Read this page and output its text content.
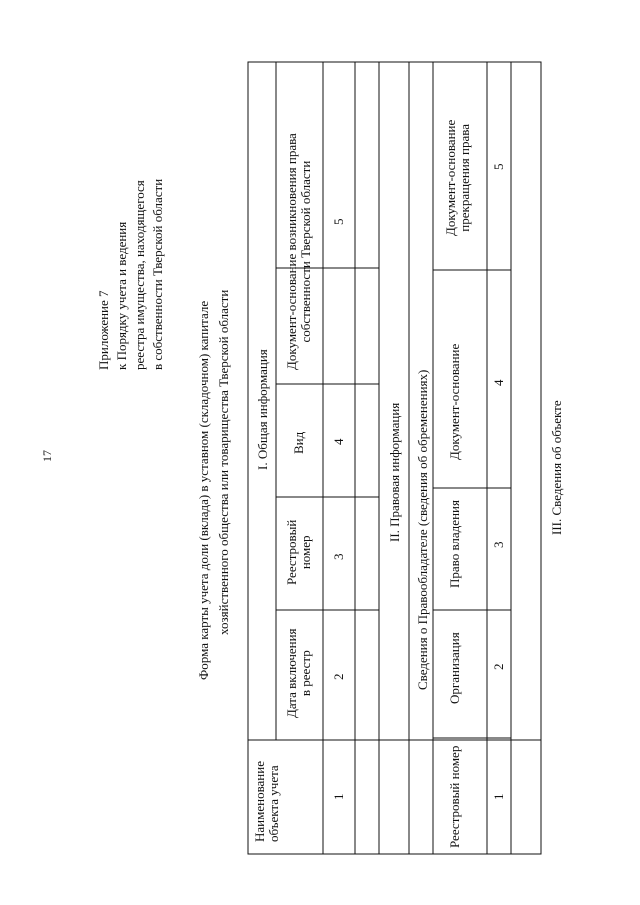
17
Приложение 7 к Порядку учета и ведения реестра имущества, находящегося в собственности Тверской области
Форма карты учета доли (вклада) в уставном (складочном) капитале хозяйственного общества или товарищества Тверской области I. Общая информация
Наименование
объекта учета
Дата включения
в реестр
Реестровый
номер
Вид
Документ-основание возникновения права
собственности Тверской области
1
2
3
4
5
II. Правовая информация Сведения о Правообладателе (сведения об обременениях)
Реестровый номер
Организация
Право владения
Документ-основание
Документ-основание
прекращения права
1
2
3
4
5
III. Сведения об объекте
